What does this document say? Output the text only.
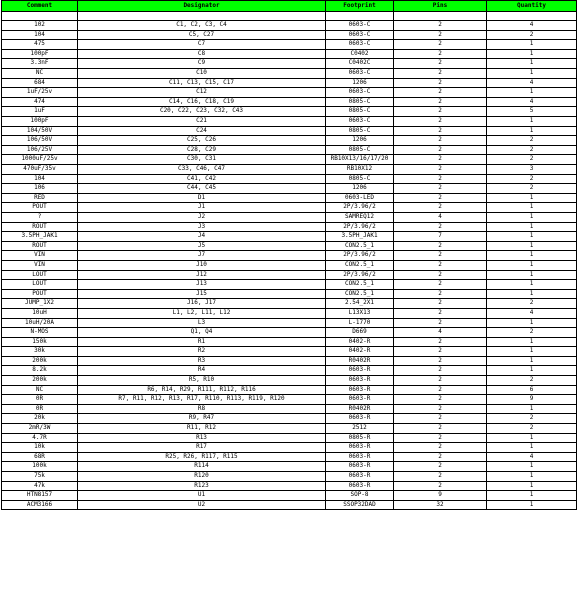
Comment	Designator	Footprint	Pins	Quantity

102	C1, C2, C3, C4	0603-C	2	4
104	C5, C27	0603-C	2	2
475	C7	0603-C	2	1
100pF	C8	C0402	2	1
3.3nF	C9	C0402C	2	1
NC	C10	0603-C	2	1
684	C11, C13, C15, C17	1206	2	4
1uF/25v	C12	0603-C	2	1
474	C14, C16, C18, C19	0805-C	2	4
1uF	C20, C22, C23, C32, C43	0805-C	2	5
100pF	C21	0603-C	2	1
104/50V	C24	0805-C	2	1
106/50V	C25, C26	1206	2	2
106/25V	C28, C29	0805-C	2	2
1000uF/25v	C30, C31	RB10X13/16/17/20	2	2
470uF/35v	C33, C46, C47	RB10X12	2	3
104	C41, C42	0805-C	2	2
106	C44, C45	1206	2	2
RED	D1	0603-LED	2	1
POUT	J1	2P/3.96/2	2	1
?	J2	SAMREQ12	4	1
ROUT	J3	2P/3.96/2	2	1
3.5PH_JAK1	J4	3.5PH_JAK1	7	1
ROUT	J5	CON2.5_1	2	1
VIN	J7	2P/3.96/2	2	1
VIN	J10	CON2.5_1	2	1
LOUT	J12	2P/3.96/2	2	1
LOUT	J13	CON2.5_1	2	1
POUT	J15	CON2.5_1	2	1
JUMP_1X2	J16, J17	2.54_2X1	2	2
10uH	L1, L2, L11, L12	L13X13	2	4
10uH/20A	L3	L-1770	2	1
N-MOS	Q1, Q4	D669	4	2
150k	R1	0402-R	2	1
30k	R2	0402-R	2	1
200k	R3	R0402R	2	1
8.2k	R4	0603-R	2	1
200k	R5, R10	0603-R	2	2
NC	R6, R14, R29, R111, R112, R116	0603-R	2	6
0R	R7, R11, R12, R13, R17, R110, R113, R119, R120	0603-R	2	9
0R	R8	R0402R	2	1
20k	R9, R47	0603-R	2	2
2mR/3W	R11, R12	2512	2	2
4.7R	R13	0805-R	2	1
10k	R17	0603-R	2	1
68R	R25, R26, R117, R115	0603-R	2	4
100k	R114	0603-R	2	1
75k	R120	0603-R	2	1
47k	R123	0603-R	2	1
HTN8157	U1	SOP-8	9	1
ACM3166	U2	SSOP32DAD	32	1
